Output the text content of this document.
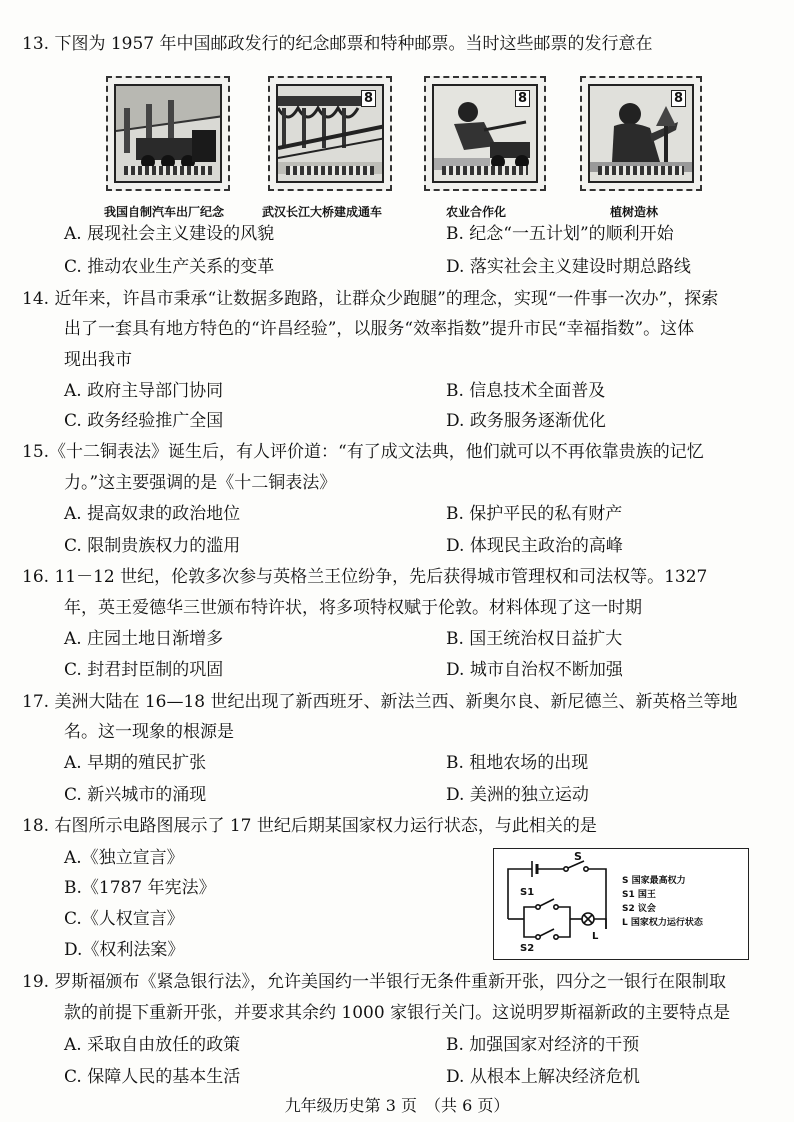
13. 下图为 1957 年中国邮政发行的纪念邮票和特种邮票。当时这些邮票的发行意在
我国自制汽车出厂纪念
8
武汉长江大桥建成通车
8
农业合作化
8
植树造林
A. 展现社会主义建设的风貌	B. 纪念“一五计划”的顺利开始
C. 推动农业生产关系的变革	D. 落实社会主义建设时期总路线
14. 近年来，许昌市秉承“让数据多跑路，让群众少跑腿”的理念，实现“一件事一次办”，探索
出了一套具有地方特色的“许昌经验”，以服务“效率指数”提升市民“幸福指数”。这体
现出我市
A. 政府主导部门协同	B. 信息技术全面普及
C. 政务经验推广全国	D. 政务服务逐渐优化
15.《十二铜表法》诞生后，有人评价道：“有了成文法典，他们就可以不再依靠贵族的记忆
力。”这主要强调的是《十二铜表法》
A. 提高奴隶的政治地位	B. 保护平民的私有财产
C. 限制贵族权力的滥用	D. 体现民主政治的高峰
16. 11－12 世纪，伦敦多次参与英格兰王位纷争，先后获得城市管理权和司法权等。1327
年，英王爱德华三世颁布特许状，将多项特权赋于伦敦。材料体现了这一时期
A. 庄园土地日渐增多	B. 国王统治权日益扩大
C. 封君封臣制的巩固	D. 城市自治权不断加强
17. 美洲大陆在 16—18 世纪出现了新西班牙、新法兰西、新奥尔良、新尼德兰、新英格兰等地
名。这一现象的根源是
A. 早期的殖民扩张	B. 租地农场的出现
C. 新兴城市的涌现	D. 美洲的独立运动
18. 右图所示电路图展示了 17 世纪后期某国家权力运行状态，与此相关的是
A.《独立宣言》
B.《1787 年宪法》
C.《人权宣言》
D.《权利法案》
S
S1
S2
L
S 国家最高权力
S1 国王
S2 议会
L 国家权力运行状态
19. 罗斯福颁布《紧急银行法》，允许美国约一半银行无条件重新开张，四分之一银行在限制取
款的前提下重新开张，并要求其余约 1000 家银行关门。这说明罗斯福新政的主要特点是
A. 采取自由放任的政策	B. 加强国家对经济的干预
C. 保障人民的基本生活	D. 从根本上解决经济危机
九年级历史第 3 页　（共 6 页）
